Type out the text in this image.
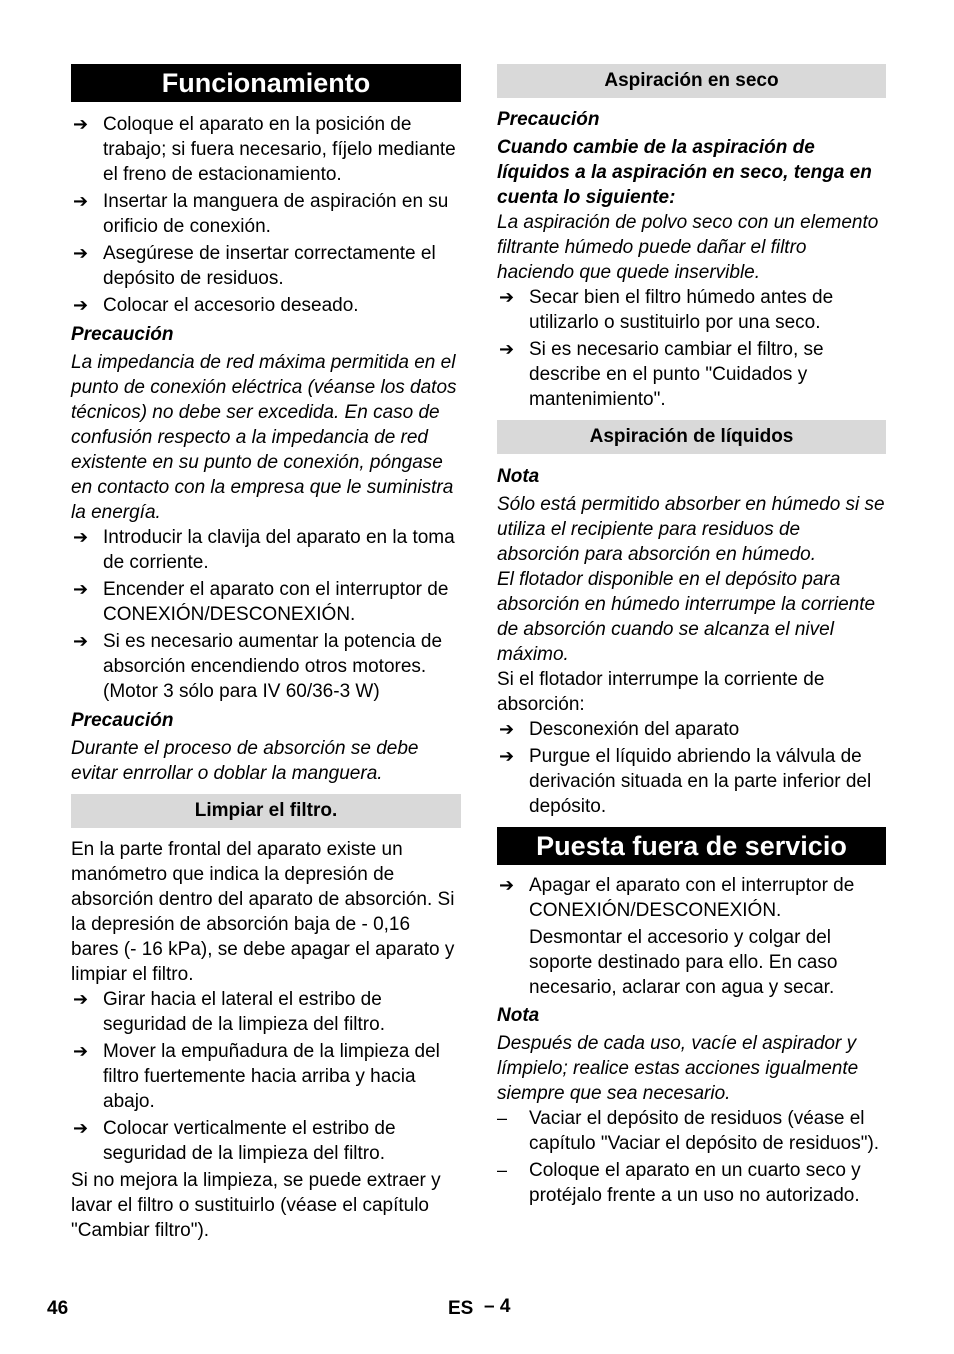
Funcionamiento
➔ Coloque el aparato en la posición de trabajo; si fuera necesario, fíjelo mediante el freno de estacionamiento.
➔ Insertar la manguera de aspiración en su orificio de conexión.
➔ Asegúrese de insertar correctamente el depósito de residuos.
➔ Colocar el accesorio deseado.
Precaución
La impedancia de red máxima permitida en el punto de conexión eléctrica (véanse los datos técnicos) no debe ser excedida. En caso de confusión respecto a la impedancia de red existente en su punto de conexión, póngase en contacto con la empresa que le suministra la energía.
➔ Introducir la clavija del aparato en la toma de corriente.
➔ Encender el aparato con el interruptor de CONEXIÓN/DESCONEXIÓN.
➔ Si es necesario aumentar la potencia de absorción encendiendo otros motores. (Motor 3 sólo para IV 60/36-3 W)
Precaución
Durante el proceso de absorción se debe evitar enrrollar o doblar la manguera.
Limpiar el filtro.
En la parte frontal del aparato existe un manómetro que indica la depresión de absorción dentro del aparato de absorción. Si la depresión de absorción baja de - 0,16 bares (- 16 kPa), se debe apagar el aparato y limpiar el filtro.
➔ Girar hacia el lateral el estribo de seguridad de la limpieza del filtro.
➔ Mover la empuñadura de la limpieza del filtro fuertemente hacia arriba y hacia abajo.
➔ Colocar verticalmente el estribo de seguridad de la limpieza del filtro.
Si no mejora la limpieza, se puede extraer y lavar el filtro o sustituirlo (véase el capítulo "Cambiar filtro").
Aspiración en seco
Precaución
Cuando cambie de la aspiración de líquidos a la aspiración en seco, tenga en cuenta lo siguiente:
La aspiración de polvo seco con un elemento filtrante húmedo puede dañar el filtro haciendo que quede inservible.
➔ Secar bien el filtro húmedo antes de utilizarlo o sustituirlo por una seco.
➔ Si es necesario cambiar el filtro, se describe en el punto "Cuidados y mantenimiento".
Aspiración de líquidos
Nota
Sólo está permitido absorber en húmedo si se utiliza el recipiente para residuos de absorción para absorción en húmedo.
El flotador disponible en el depósito para absorción en húmedo interrumpe la corriente de absorción cuando se alcanza el nivel máximo.
Si el flotador interrumpe la corriente de absorción:
➔ Desconexión del aparato
➔ Purgue el líquido abriendo la válvula de derivación situada en la parte inferior del depósito.
Puesta fuera de servicio
➔ Apagar el aparato con el interruptor de CONEXIÓN/DESCONEXIÓN.
Desmontar el accesorio y colgar del soporte destinado para ello. En caso necesario, aclarar con agua y secar.
Nota
Después de cada uso, vacíe el aspirador y límpielo; realice estas acciones igualmente siempre que sea necesario.
– Vaciar el depósito de residuos (véase el capítulo "Vaciar el depósito de residuos").
– Coloque el aparato en un cuarto seco y protéjalo frente a un uso no autorizado.
46	ES – 4
